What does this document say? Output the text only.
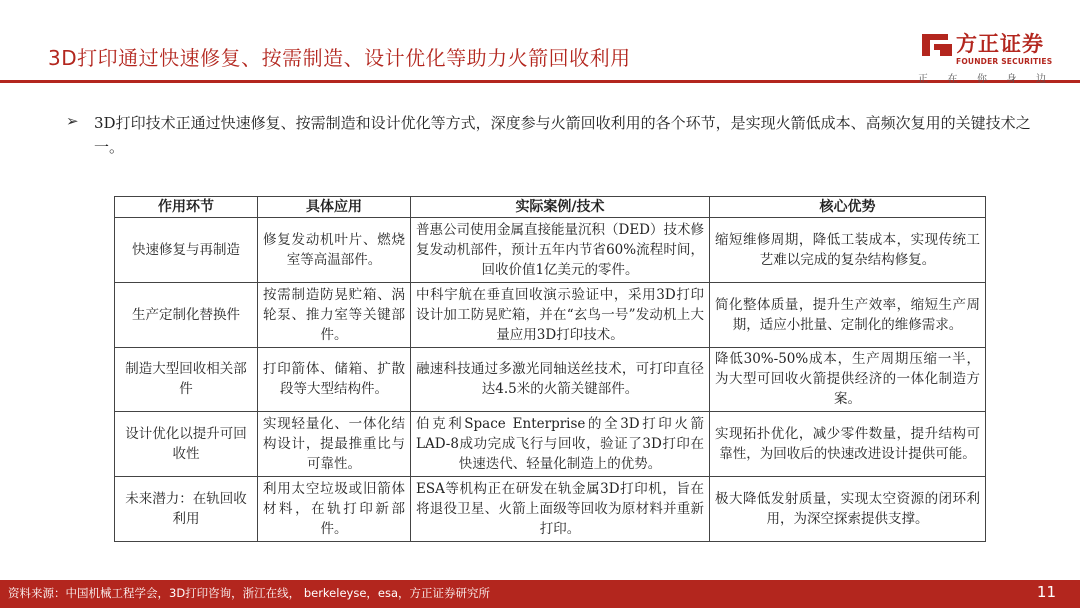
3D打印通过快速修复、按需制造、设计优化等助力火箭回收利用
方正证券
FOUNDER SECURITIES
正 在 你 身 边
➢ 3D打印技术正通过快速修复、按需制造和设计优化等方式，深度参与火箭回收利用的各个环节，是实现火箭低成本、高频次复用的关键技术之一。
作用环节	具体应用	实际案例/技术	核心优势
快速修复与再制造	修复发动机叶片、燃烧室等高温部件。	普惠公司使用金属直接能量沉积（DED）技术修复发动机部件，预计五年内节省60%流程时间，回收价值1亿美元的零件。	缩短维修周期，降低工装成本，实现传统工艺难以完成的复杂结构修复。
生产定制化替换件	按需制造防晃贮箱、涡轮泵、推力室等关键部件。	中科宇航在垂直回收演示验证中，采用3D打印设计加工防晃贮箱，并在“玄鸟一号”发动机上大量应用3D打印技术。	简化整体质量，提升生产效率，缩短生产周期，适应小批量、定制化的维修需求。
制造大型回收相关部件	打印箭体、储箱、扩散段等大型结构件。	融速科技通过多激光同轴送丝技术，可打印直径达4.5米的火箭关键部件。	降低30%-50%成本，生产周期压缩一半，为大型可回收火箭提供经济的一体化制造方案。
设计优化以提升可回收性	实现轻量化、一体化结构设计，提最推重比与可靠性。	伯克利Space Enterprise的全3D打印火箭LAD-8成功完成飞行与回收，验证了3D打印在快速迭代、轻量化制造上的优势。	实现拓扑优化，减少零件数量，提升结构可靠性，为回收后的快速改进设计提供可能。
未来潜力：在轨回收利用	利用太空垃圾或旧箭体材料，在轨打印新部件。	ESA等机构正在研发在轨金属3D打印机，旨在将退役卫星、火箭上面级等回收为原材料并重新打印。	极大降低发射质量，实现太空资源的闭环利用，为深空探索提供支撑。
资料来源：中国机械工程学会，3D打印咨询，浙江在线， berkeleyse，esa，方正证券研究所	11
